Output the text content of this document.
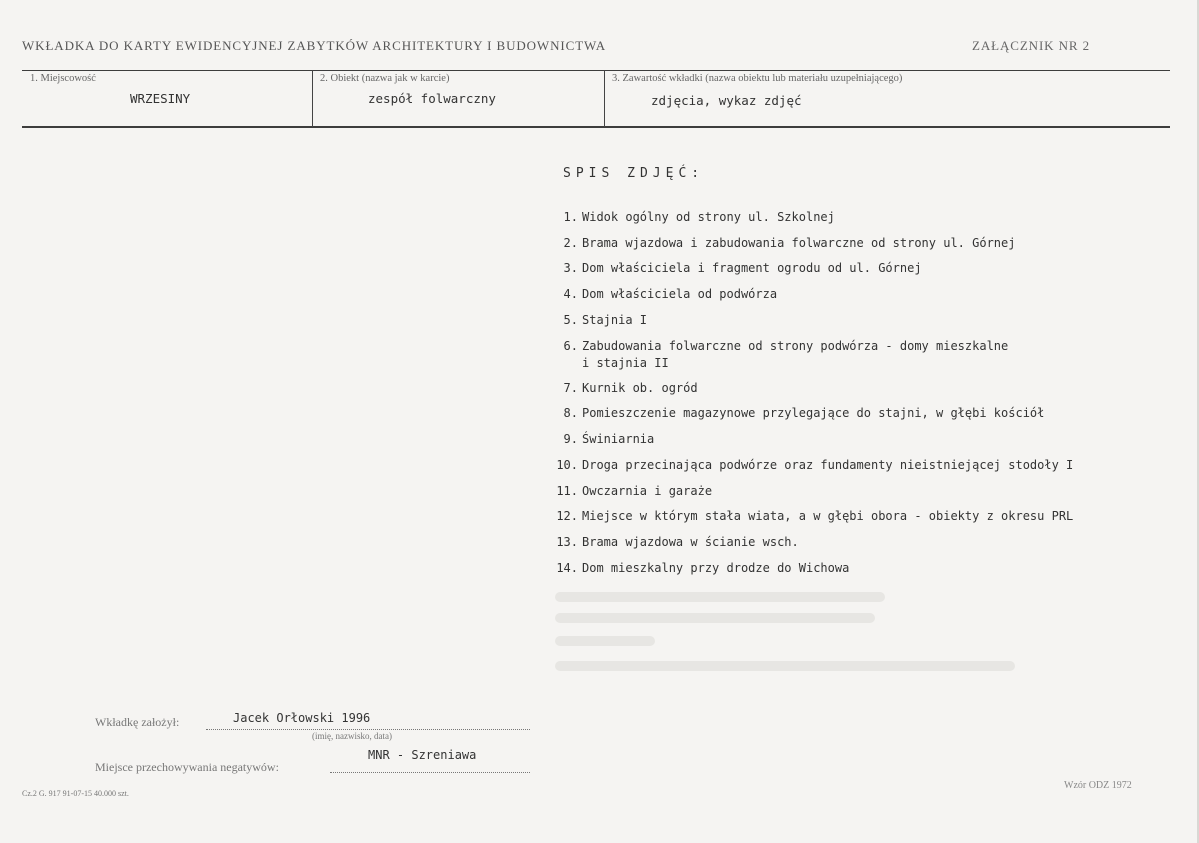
WKŁADKA DO KARTY EWIDENCYJNEJ ZABYTKÓW ARCHITEKTURY I BUDOWNICTWA	ZAŁĄCZNIK NR 2
1. Miejscowość
WRZESINY
2. Obiekt (nazwa jak w karcie)
zespół folwarczny
3. Zawartość wkładki (nazwa obiektu lub materiału uzupełniającego)
zdjęcia, wykaz zdjęć
SPIS ZDJĘĆ:
1. Widok ogólny od strony ul. Szkolnej
2. Brama wjazdowa i zabudowania folwarczne od strony ul. Górnej
3. Dom właściciela i fragment ogrodu od ul. Górnej
4. Dom właściciela od podwórza
5. Stajnia I
6. Zabudowania folwarczne od strony podwórza - domy mieszkalne
i stajnia II
7. Kurnik ob. ogród
8. Pomieszczenie magazynowe przylegające do stajni, w głębi kościół
9. Świniarnia
10. Droga przecinająca podwórze oraz fundamenty nieistniejącej stodoły I
11. Owczarnia i garaże
12. Miejsce w którym stała wiata, a w głębi obora - obiekty z okresu PRL
13. Brama wjazdowa w ścianie wsch.
14. Dom mieszkalny przy drodze do Wichowa
Wkładkę założył:	Jacek Orłowski 1996
(imię, nazwisko, data)
Miejsce przechowywania negatywów:
MNR - Szreniawa
Cz.2 G. 917 91-07-15 40.000 szt.
Wzór ODZ 1972
